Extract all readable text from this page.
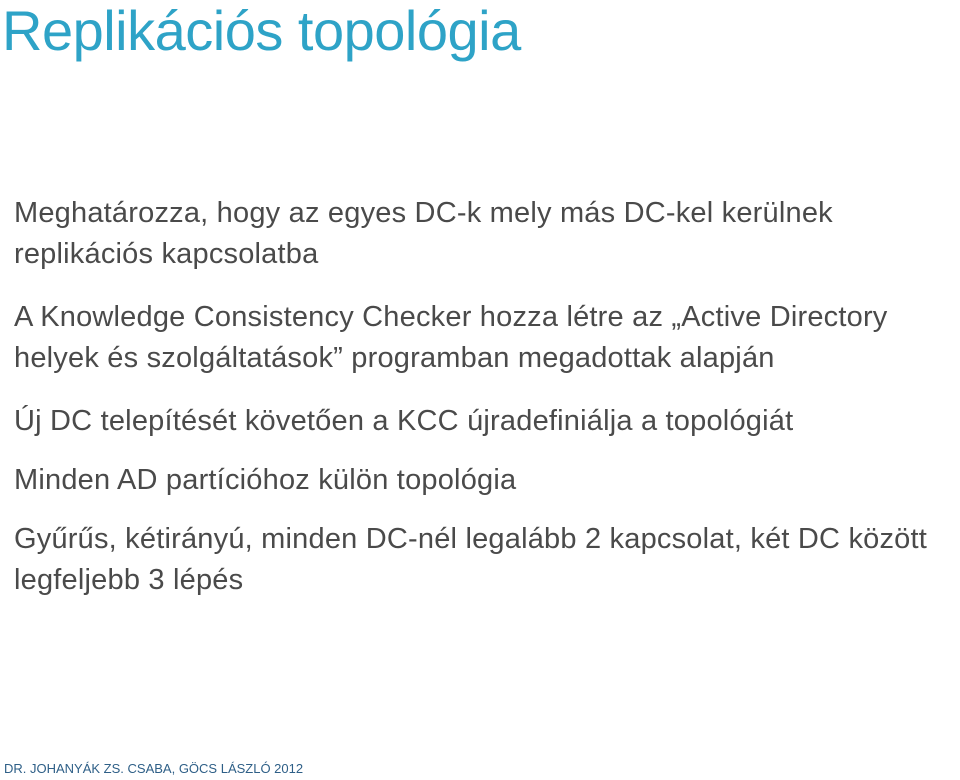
Replikációs topológia
Meghatározza, hogy az egyes DC-k mely más DC-kel kerülnek replikációs kapcsolatba
A Knowledge Consistency Checker hozza létre az „Active Directory helyek és szolgáltatások” programban megadottak alapján
Új DC telepítését követően a KCC újradefiniálja a topológiát
Minden AD partícióhoz külön topológia
Gyűrűs, kétirányú, minden DC-nél legalább 2 kapcsolat, két DC között legfeljebb 3 lépés
DR. JOHANYÁK ZS. CSABA, GÖCS LÁSZLÓ 2012
